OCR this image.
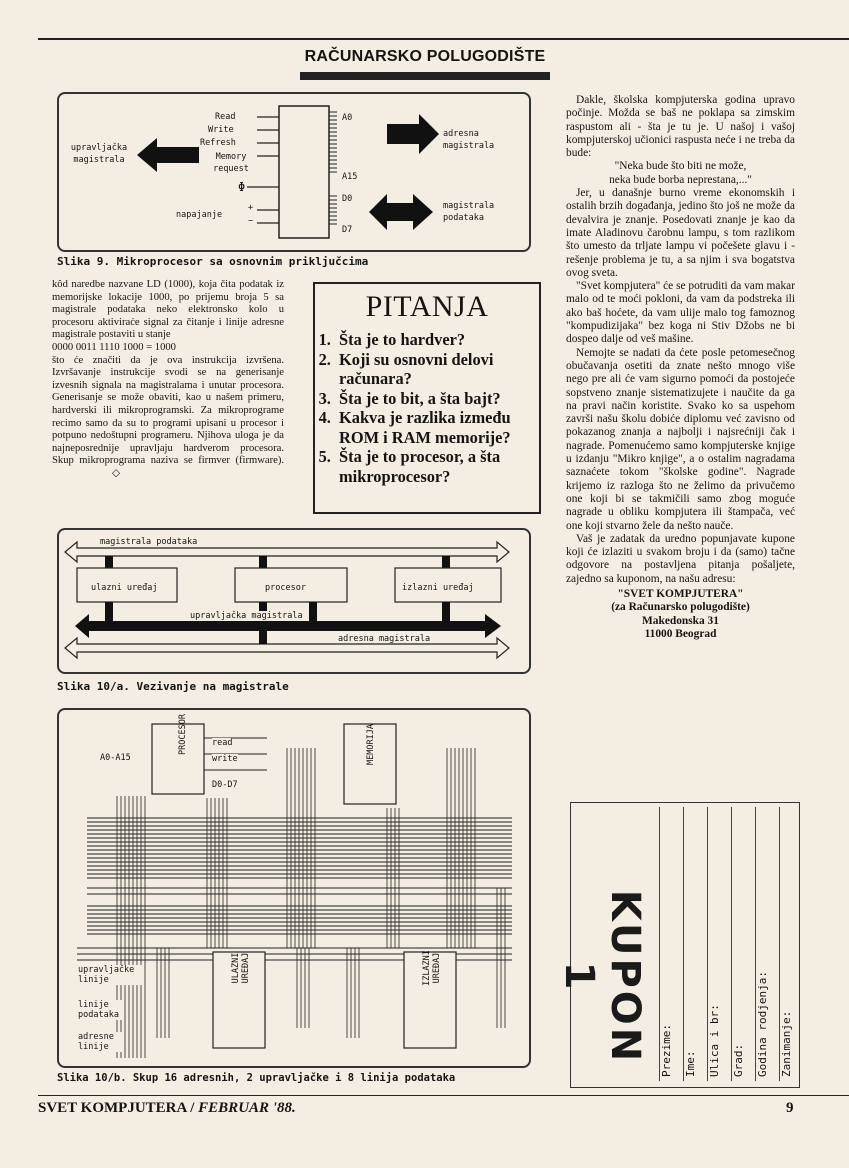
RAČUNARSKO POLUGODIŠTE
Read
Write
Refresh
Memory request
upravljačka magistrala
Φ
+
−
napajanje
A0
A15
D0
D7
adresna magistrala
magistrala podataka
Slika 9. Mikroprocesor sa osnovnim priključcima
kôd naredbe nazvane LD (1000), koja čita podatak iz memorijske lokacije 1000, po prijemu broja 5 sa magistrale podataka neko elektronsko kolo u procesoru aktiviraće signal za čitanje i linije adresne magistrale postaviti u stanje
0000 0011 1110 1000 = 1000
što će značiti da je ova instrukcija izvršena. Izvršavanje instrukcije svodi se na generisanje izvesnih signala na magistralama i unutar procesora. Generisanje se može obaviti, kao u našem primeru, hardverski ili mikroprogramski. Za mikroprograme recimo samo da su to programi upisani u procesor i potpuno nedoštupni programeru. Njihova uloga je da najneposrednije upravljaju hardverom procesora. Skup mikroprograma naziva se firmver (firmware). ◇
PITANJA
1. Šta je to hardver?
2. Koji su osnovni delovi računara?
3. Šta je to bit, a šta bajt?
4. Kakva je razlika između ROM i RAM memorije?
5. Šta je to procesor, a šta mikroprocesor?
magistrala podataka
ulazni uređaj	procesor	izlazni uređaj
upravljačka magistrala
adresna magistrala
Slika 10/a. Vezivanje na magistrale
A0-A15
read
write
D0-D7
PROCESOR	MEMORIJA
ULAZNI UREĐAJ	IZLAZNI UREĐAJ
upravljačke linije
linije podataka
adresne linije
Slika 10/b. Skup 16 adresnih, 2 upravljačke i 8 linija podataka

Dakle, školska kompjuterska godina upravo počinje. Možda se baš ne poklapa sa zimskim raspustom ali - šta je tu je. U našoj i vašoj kompjuterskoj učionici raspusta neće i ne treba da bude:

"Neka bude što biti ne može,
neka bude borba neprestana,..."

Jer, u današnje burno vreme ekonomskih i ostalih brzih događanja, jedino što još ne može da devalvira je znanje. Posedovati znanje je kao da imate Aladinovu čarobnu lampu, s tom razlikom što umesto da trljate lampu vi počešete glavu i - rešenje problema je tu, a sa njim i sva bogatstva ovog sveta.

"Svet kompjutera" će se potruditi da vam makar malo od te moći pokloni, da vam da podstreka ili ako baš hoćete, da vam ulije malo tog famoznog "kompudizijaka" bez koga ni Stiv Džobs ne bi dospeo dalje od veš mašine.

Nemojte se nadati da ćete posle petomesečnog obučavanja osetiti da znate nešto mnogo više nego pre ali će vam sigurno pomoći da postojeće sopstveno znanje sistematizujete i naučite da ga na pravi način koristite. Svako ko sa uspehom završi našu školu dobiće diplomu već zavisno od pokazanog znanja a najbolji i najsrećniji čak i nagrade. Pomenućemo samo kompjuterske knjige u izdanju "Mikro knjige", a o ostalim nagradama saznaćete tokom "školske godine". Nagrade krijemo iz razloga što ne želimo da privučemo one koji bi se takmičili samo zbog moguće nagrade u obliku kompjutera ili štampača, već one koji stvarno žele da nešto nauče.

Vaš je zadatak da uredno popunjavate kupone koji će izlaziti u svakom broju i da (samo) tačne odgovore na postavljena pitanja pošaljete, zajedno sa kuponom, na našu adresu:

"SVET KOMPJUTERA"
(za Računarsko polugodište)
Makedonska 31
11000 Beograd
KUPON 1
Prezime: Ime: Ulica i br: Grad: Godina rodjenja: Zanimanje:
SVET KOMPJUTERA / FEBRUAR '88.	9
